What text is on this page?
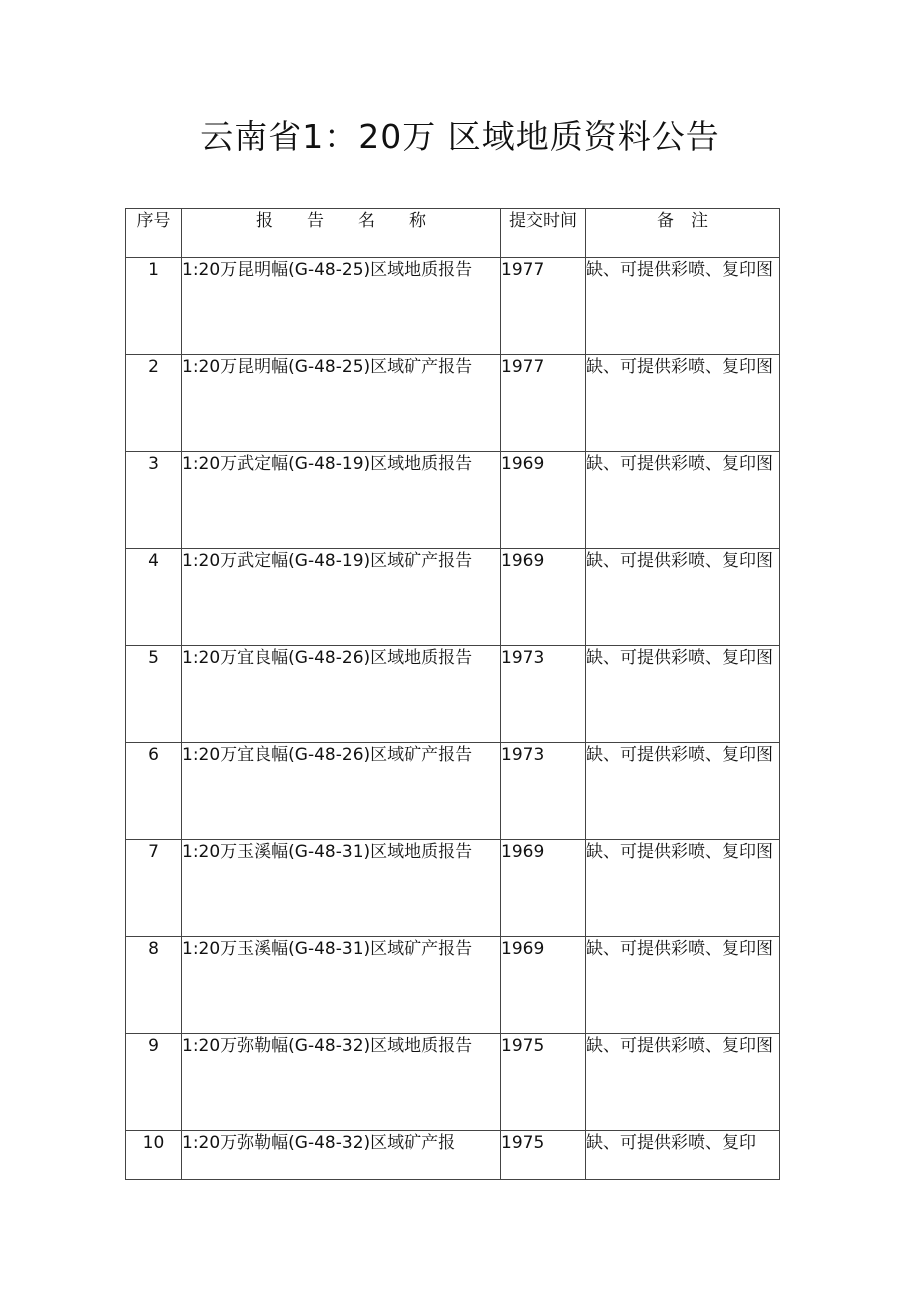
云南省1：20万 区域地质资料公告
序号	报　　告　　名　　称	提交时间	备　注
1	1:20万昆明幅(G-48-25)区域地质报告	1977	缺、可提供彩喷、复印图

2	1:20万昆明幅(G-48-25)区域矿产报告	1977	缺、可提供彩喷、复印图

3	1:20万武定幅(G-48-19)区域地质报告	1969	缺、可提供彩喷、复印图

4	1:20万武定幅(G-48-19)区域矿产报告	1969	缺、可提供彩喷、复印图

5	1:20万宜良幅(G-48-26)区域地质报告	1973	缺、可提供彩喷、复印图

6	1:20万宜良幅(G-48-26)区域矿产报告	1973	缺、可提供彩喷、复印图

7	1:20万玉溪幅(G-48-31)区域地质报告	1969	缺、可提供彩喷、复印图

8	1:20万玉溪幅(G-48-31)区域矿产报告	1969	缺、可提供彩喷、复印图

9	1:20万弥勒幅(G-48-32)区域地质报告	1975	缺、可提供彩喷、复印图

10	1:20万弥勒幅(G-48-32)区域矿产报	1975	缺、可提供彩喷、复印
